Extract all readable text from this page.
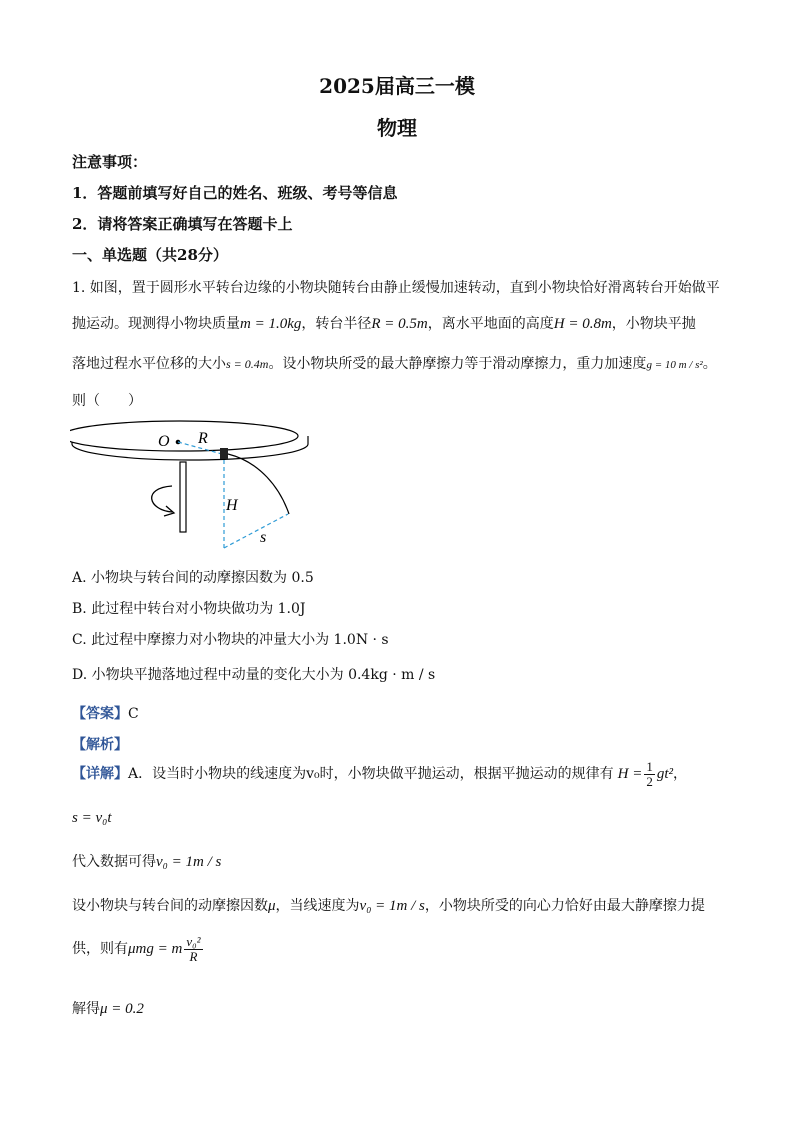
2025届高三一模
物理
注意事项：
1．答题前填写好自己的姓名、班级、考号等信息
2．请将答案正确填写在答题卡上
一、单选题（共28分）
1. 如图，置于圆形水平转台边缘的小物块随转台由静止缓慢加速转动，直到小物块恰好滑离转台开始做平
抛运动。现测得小物块质量m = 1.0kg，转台半径R = 0.5m，离水平地面的高度H = 0.8m，小物块平抛
落地过程水平位移的大小s = 0.4m。设小物块所受的最大静摩擦力等于滑动摩擦力，重力加速度g = 10 m / s²。
则（　　）
O R
H
s
A. 小物块与转台间的动摩擦因数为 0.5
B. 此过程中转台对小物块做功为 1.0J
C. 此过程中摩擦力对小物块的冲量大小为 1.0N · s
D. 小物块平抛落地过程中动量的变化大小为 0.4kg · m / s
【答案】C
【解析】
【详解】A．设当时小物块的线速度为v₀时，小物块做平抛运动，根据平抛运动的规律有 $H = \frac{1}{2} gt^2$，
s = v₀t
代入数据可得v₀ = 1m / s
设小物块与转台间的动摩擦因数μ，当线速度为v₀ = 1m / s，小物块所受的向心力恰好由最大静摩擦力提
供，则有μmg = m $\frac{\text{v₀²}}{R}$
解得μ = 0.2
